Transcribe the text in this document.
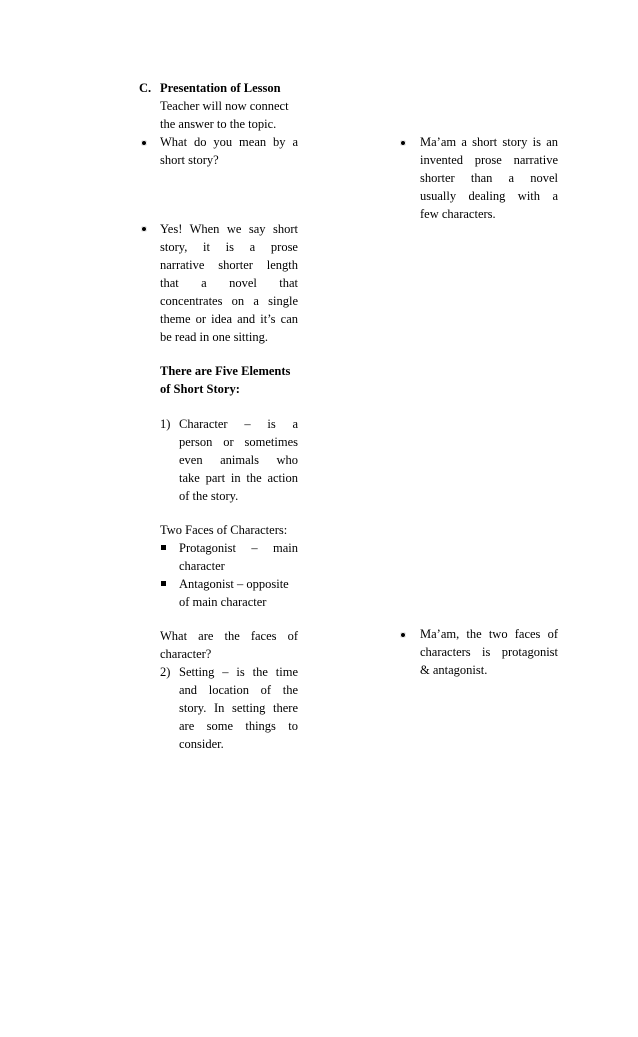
C. Presentation of Lesson
Teacher will now connect
the answer to the topic.
What do you mean by a
short story?
Ma’am a short story is an
invented prose narrative
shorter than a novel
usually dealing with a
few characters.
Yes! When we say short
story, it is a prose
narrative shorter length
that a novel that
concentrates on a single
theme or idea and it’s can
be read in one sitting.
There are Five Elements
of Short Story:
1) Character – is a
person or sometimes
even animals who
take part in the action
of the story.
Two Faces of Characters:
Protagonist – main
character
Antagonist – opposite
of main character
What are the faces of
character?
Ma’am, the two faces of
characters is protagonist
& antagonist.
2) Setting – is the time
and location of the
story. In setting there
are some things to
consider.
